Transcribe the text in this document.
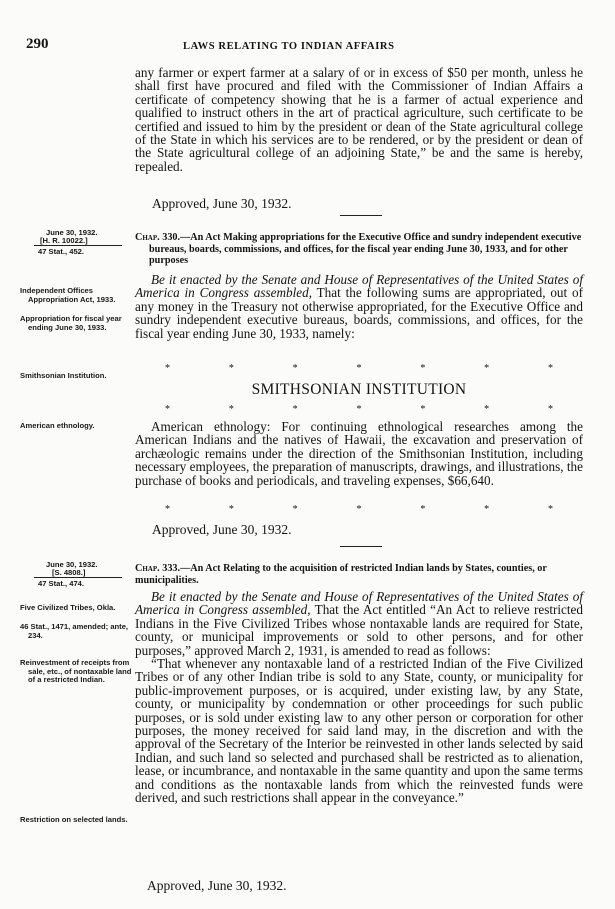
290	LAWS RELATING TO INDIAN AFFAIRS
any farmer or expert farmer at a salary of or in excess of $50 per month, unless he shall first have procured and filed with the Commissioner of Indian Affairs a certificate of competency showing that he is a farmer of actual experience and qualified to instruct others in the art of practical agriculture, such certificate to be certified and issued to him by the president or dean of the State agricultural college of the State in which his services are to be rendered, or by the president or dean of the State agricultural college of an adjoining State,” be and the same is hereby, repealed.
Approved, June 30, 1932.
June 30, 1932.
[H. R. 10022.]
47 Stat., 452.
Chap. 330.—An Act Making appropriations for the Executive Office and sundry independent executive bureaus, boards, commissions, and offices, for the fiscal year ending June 30, 1933, and for other purposes
Be it enacted by the Senate and House of Representatives of the United States of America in Congress assembled, That the following sums are appropriated, out of any money in the Treasury not otherwise appropriated, for the Executive Office and sundry independent executive bureaus, boards, commissions, and offices, for the fiscal year ending June 30, 1933, namely:
Independent Offices Appropriation Act, 1933.
Appropriation for fiscal year ending June 30, 1933.
Smithsonian Institution.
*	*	*	*	*	*	*
SMITHSONIAN INSTITUTION
*	*	*	*	*	*	*
American ethnology.	American ethnology: For continuing ethnological researches among the American Indians and the natives of Hawaii, the excavation and preservation of archæologic remains under the direction of the Smithsonian Institution, including necessary employees, the preparation of manuscripts, drawings, and illustrations, the purchase of books and periodicals, and traveling expenses, $66,640.
*	*	*	*	*	*	*
Approved, June 30, 1932.
June 30, 1932.
[S. 4808.]
47 Stat., 474.
Chap. 333.—An Act Relating to the acquisition of restricted Indian lands by States, counties, or municipalities.
Be it enacted by the Senate and House of Representatives of the United States of America in Congress assembled, That the Act entitled “An Act to relieve restricted Indians in the Five Civilized Tribes whose nontaxable lands are required for State, county, or municipal improvements or sold to other persons, and for other purposes,” approved March 2, 1931, is amended to read as follows:
Five Civilized Tribes, Okla.
46 Stat., 1471, amended; ante, 234.
Reinvestment of receipts from sale, etc., of nontaxable land of a restricted Indian.
“That whenever any nontaxable land of a restricted Indian of the Five Civilized Tribes or of any other Indian tribe is sold to any State, county, or municipality for public-improvement purposes, or is acquired, under existing law, by any State, county, or municipality by condemnation or other proceedings for such public purposes, or is sold under existing law to any other person or corporation for other purposes, the money received for said land may, in the discretion and with the approval of the Secretary of the Interior be reinvested in other lands selected by said Indian, and such land so selected and purchased shall be restricted as to alienation, lease, or incumbrance, and nontaxable in the same quantity and upon the same terms and conditions as the nontaxable lands from which the reinvested funds were derived, and such restrictions shall appear in the conveyance.”
Restriction on selected lands.
Approved, June 30, 1932.
